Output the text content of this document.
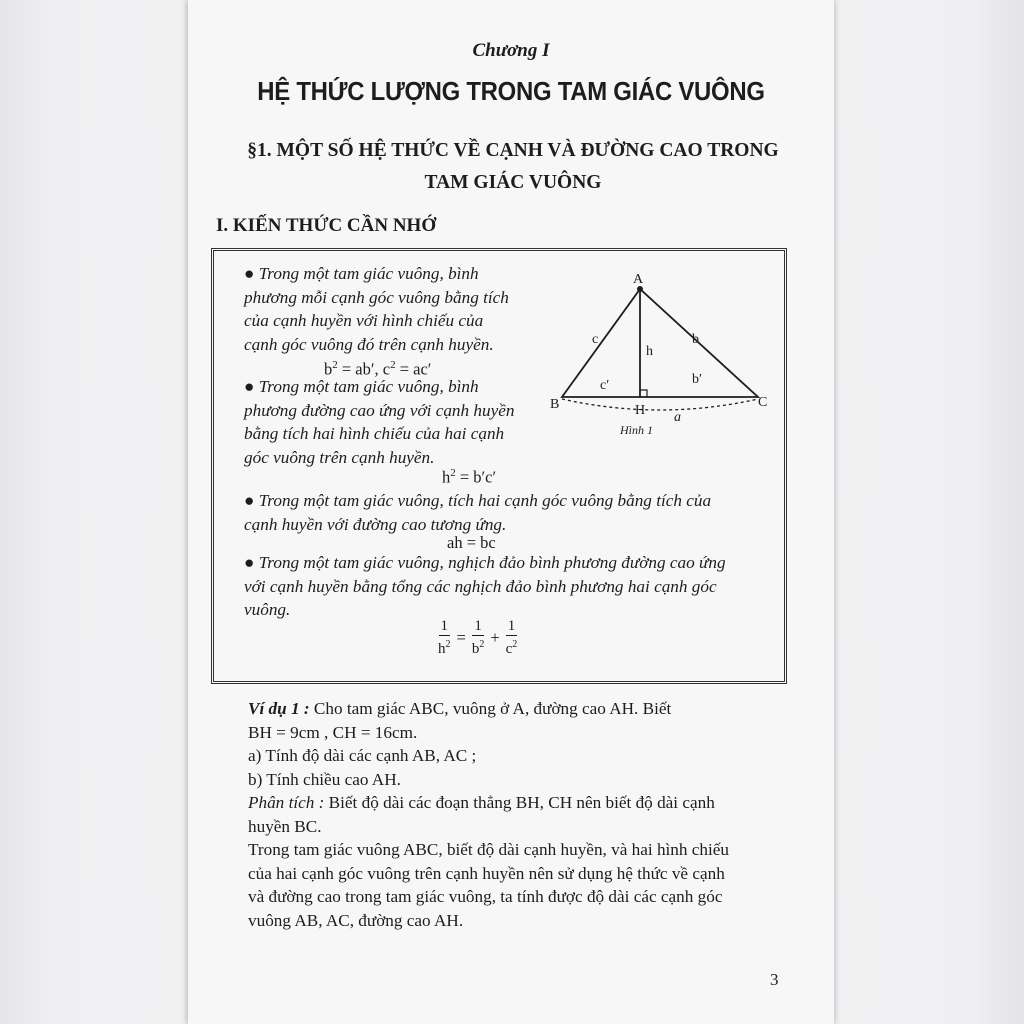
Chương I
HỆ THỨC LƯỢNG TRONG TAM GIÁC VUÔNG
§1. MỘT SỐ HỆ THỨC VỀ CẠNH VÀ ĐƯỜNG CAO TRONG
TAM GIÁC VUÔNG
I. KIẾN THỨC CẦN NHỚ
● Trong một tam giác vuông, bình
phương mỗi cạnh góc vuông bằng tích
của cạnh huyền với hình chiếu của
cạnh góc vuông đó trên cạnh huyền.
$b^2 = ab'$, $c^2 = ac'$
● Trong một tam giác vuông, bình
phương đường cao ứng với cạnh huyền
bằng tích hai hình chiếu của hai cạnh
góc vuông trên cạnh huyền.
$h^2 = b'c'$
● Trong một tam giác vuông, tích hai cạnh góc vuông bằng tích của
cạnh huyền với đường cao tương ứng.
ah = bc
● Trong một tam giác vuông, nghịch đảo bình phương đường cao ứng
với cạnh huyền bằng tổng các nghịch đảo bình phương hai cạnh góc
vuông.
$\frac{1}{h^2} = \frac{1}{b^2} + \frac{1}{c^2}$
A
B	C
H
c	b
h
c′	b′
a
Hình 1
Ví dụ 1 : Cho tam giác ABC, vuông ở A, đường cao AH. Biết
BH = 9cm , CH = 16cm.
a) Tính độ dài các cạnh AB, AC ;
b) Tính chiều cao AH.
Phân tích : Biết độ dài các đoạn thẳng BH, CH nên biết độ dài cạnh
huyền BC.
Trong tam giác vuông ABC, biết độ dài cạnh huyền, và hai hình chiếu
của hai cạnh góc vuông trên cạnh huyền nên sử dụng hệ thức về cạnh
và đường cao trong tam giác vuông, ta tính được độ dài các cạnh góc
vuông AB, AC, đường cao AH.
3
